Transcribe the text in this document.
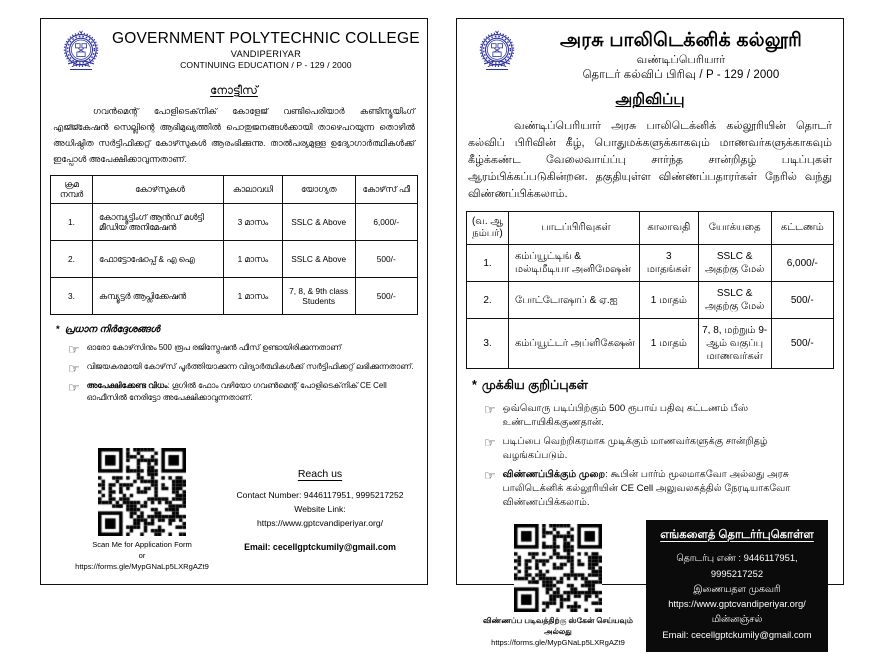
GOVERNMENT POLYTECHNIC COLLEGE
VANDIPERIYAR
CONTINUING EDUCATION / P - 129 / 2000
നോട്ടീസ്
ഗവൻമെന്റ് പോളിടെക്‌നിക് കോളേജ് വണ്ടിപെരിയാർ കണ്ടിന്യൂയിംഗ് എജ്ജ്കേഷൻ സെല്ലിന്റെ ആഭിമുഖ്യത്തിൽ പൊതുജനങ്ങൾക്കായി താഴെപറയുന്ന തൊഴിൽ അധിഷ്ഠിത സർട്ടിഫിക്കറ്റ് കോഴ്‌സുകൾ ആരംഭിക്കുന്നു. താൽപര്യമുള്ള ഉദ്യോഗാർത്ഥികൾക്ക് ഇപ്പോൾ അപേക്ഷിക്കാവുന്നതാണ്.
ക്രമ നമ്പർ	കോഴ്‌സുകൾ	കാലാവധി	യോഗ്യത	കോഴ്‌സ് ഫീ
1.	കോമ്പ്യൂട്ടിംഗ് ആൻഡ് മൾട്ടി മീഡിയ അനിമേഷൻ	3 മാസം	SSLC & Above	6,000/-
2.	ഫോട്ടോഷോപ്പ് & എ ഐ	1 മാസം	SSLC & Above	500/-
3.	കമ്പ്യൂട്ടർ ആപ്ലിക്കേഷൻ	1 മാസം	7, 8, & 9th class Students	500/-
* പ്രധാന നിർദ്ദേശങ്ങൾ
☞ ഓരോ കോഴ്‌സിനും 500 രൂപ രജിസ്ട്രേഷൻ ഫീസ് ഉണ്ടായിരിക്കുന്നതാണ്
☞ വിജയകരമായി കോഴ്‌സ് പൂർത്തിയാക്കുന്ന വിദ്യാർത്ഥികൾക്ക് സർട്ടിഫിക്കറ്റ് ലഭിക്കുന്നതാണ്.
☞ അപേക്ഷിക്കേണ്ട വിധം: ഗൂഗിൽ ഫോം വഴിയോ ഗവൺമെന്റ് പോളിടെക്‌നിക് CE Cell ഓഫീസിൽ നേരിട്ടോ അപേക്ഷിക്കാവുന്നതാണ്.
Scan Me for Application Form
or
https://forms.gle/MypGNaLp5LXRgAZt9
Reach us
Contact Number: 9446117951, 9995217252
Website Link:
https://www.gptcvandiperiyar.org/
Email: cecellgptckumily@gmail.com
அரசு பாலிடெக்னிக் கல்லூரி
வண்டிப்பெரியார்
தொடர் கல்விப் பிரிவு / P - 129 / 2000
அறிவிப்பு
வண்டிப்பெரியார் அரசு பாலிடெக்னிக் கல்லூரியின் தொடர் கல்விப் பிரிவின் கீழ், பொதுமக்களுக்காகவும் மாணவர்களுக்காகவும் கீழ்க்கண்ட வேலைவாய்ப்பு சார்ந்த சான்றிதழ் படிப்புகள் ஆரம்பிக்கப்படுகின்றன. தகுதியுள்ள விண்ணப்பதாரர்கள் நேரில் வந்து விண்ணப்பிக்கலாம்.
(வ. ஆ நம்பர்)	பாடப்பிரிவுகள்	காலாவதி	யோக்யதை	கட்டணம்
1.	கம்ப்யூட்டிங் & மல்டிமீடியா அனிமேஷன்	3 மாதங்கள்	SSLC & அதற்கு மேல்	6,000/-
2.	போட்டோஷாப் & ஏ.ஐ	1 மாதம்	SSLC & அதற்கு மேல்	500/-
3.	கம்ப்யூட்டர் அப்ளிகேஷன்	1 மாதம்	7, 8, மற்றும் 9-ஆம் வகுப்பு மாணவர்கள்	500/-
* முக்கிய குறிப்புகள்
☞ ஒவ்வொரு படிப்பிற்கும் 500 ரூபாய் பதிவு கட்டணம் பீஸ் உண்டாயிகிககுணதான்.
☞ படிப்பை வெற்றிகரமாக முடிக்கும் மாணவர்களுக்கு சான்றிதழ் வழங்கப்படும்.
☞ விண்ணப்பிக்கும் முறை: கூபின் பார்ம் மூலமாகவோ அல்லது அரசு பாலிடெக்னிக் கல்லூரியின் CE Cell அலுவலகத்தில் நேரடியாகவோ விண்ணப்பிக்கலாம்.
விண்ணப்ப படிவத்திற்கு ஸ்கேன் செய்யவும்
அல்லது
https://forms.gle/MypGNaLp5LXRgAZt9
எங்களைத் தொடர்ர்புகொள்ள
தொடர்பு எண் : 9446117951, 9995217252
இணையதள முகவரி
https://www.gptcvandiperiyar.org/
மின்னஞ்சல்
Email: cecellgptckumily@gmail.com
